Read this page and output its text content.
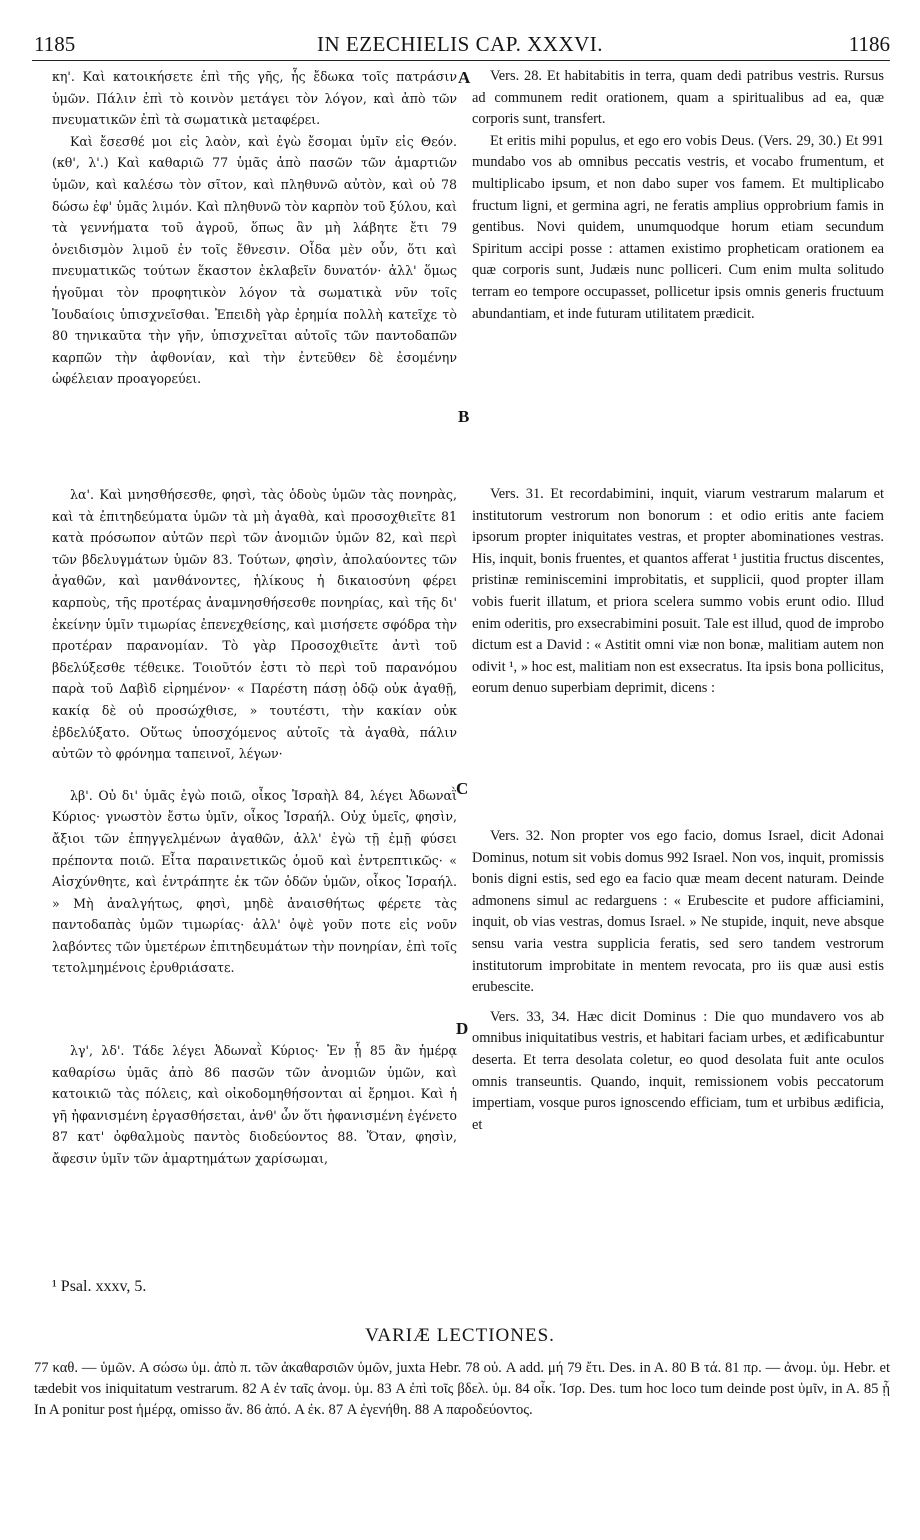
1185	IN EZECHIELIS CAP. XXXVI.	1186

κη'. Καὶ κατοικήσετε ἐπὶ τῆς γῆς, ἧς ἔδωκα τοῖς πατράσιν ὑμῶν. Πάλιν ἐπὶ τὸ κοινὸν μετάγει τὸν λόγον, καὶ ἀπὸ τῶν πνευματικῶν ἐπὶ τὰ σωματικὰ μεταφέρει.

Καὶ ἔσεσθέ μοι εἰς λαὸν, καὶ ἐγὼ ἔσομαι ὑμῖν εἰς Θεόν. (κθ', λ'.) Καὶ καθαριῶ 77 ὑμᾶς ἀπὸ πασῶν τῶν ἁμαρτιῶν ὑμῶν, καὶ καλέσω τὸν σῖτον, καὶ πληθυνῶ αὐτὸν, καὶ οὐ 78 δώσω ἐφ' ὑμᾶς λιμόν. Καὶ πληθυνῶ τὸν καρπὸν τοῦ ξύλου, καὶ τὰ γεννήματα τοῦ ἀγροῦ, ὅπως ἂν μὴ λάβητε ἔτι 79 ὀνειδισμὸν λιμοῦ ἐν τοῖς ἔθνεσιν. Οἶδα μὲν οὖν, ὅτι καὶ πνευματικῶς τούτων ἕκαστον ἐκλαβεῖν δυνατόν· ἀλλ' ὅμως ἡγοῦμαι τὸν προφητικὸν λόγον τὰ σωματικὰ νῦν τοῖς Ἰουδαίοις ὑπισχνεῖσθαι. Ἐπειδὴ γὰρ ἐρημία πολλὴ κατεῖχε τὸ 80 τηνικαῦτα τὴν γῆν, ὑπισχνεῖται αὐτοῖς τῶν παντοδαπῶν καρπῶν τὴν ἀφθονίαν, καὶ τὴν ἐντεῦθεν δὲ ἐσομένην ὠφέλειαν προαγορεύει.

λα'. Καὶ μνησθήσεσθε, φησὶ, τὰς ὁδοὺς ὑμῶν τὰς πονηρὰς, καὶ τὰ ἐπιτηδεύματα ὑμῶν τὰ μὴ ἀγαθὰ, καὶ προσοχθιεῖτε 81 κατὰ πρόσωπον αὐτῶν περὶ τῶν ἀνομιῶν ὑμῶν 82, καὶ περὶ τῶν βδελυγμάτων ὑμῶν 83. Τούτων, φησὶν, ἀπολαύοντες τῶν ἀγαθῶν, καὶ μανθάνοντες, ἡλίκους ἡ δικαιοσύνη φέρει καρποὺς, τῆς προτέρας ἀναμνησθήσεσθε πονηρίας, καὶ τῆς δι' ἐκείνην ὑμῖν τιμωρίας ἐπενεχθείσης, καὶ μισήσετε σφόδρα τὴν προτέραν παρανομίαν. Τὸ γὰρ Προσοχθιεῖτε ἀντὶ τοῦ βδελύξεσθε τέθεικε. Τοιοῦτόν ἐστι τὸ περὶ τοῦ παρανόμου παρὰ τοῦ Δαβὶδ εἰρημένον· « Παρέστη πάσῃ ὁδῷ οὐκ ἀγαθῇ, κακίᾳ δὲ οὐ προσώχθισε, » τουτέστι, τὴν κακίαν οὐκ ἐβδελύξατο. Οὕτως ὑποσχόμενος αὐτοῖς τὰ ἀγαθὰ, πάλιν αὐτῶν τὸ φρόνημα ταπεινοῖ, λέγων·

λβ'. Οὐ δι' ὑμᾶς ἐγὼ ποιῶ, οἶκος Ἰσραὴλ 84, λέγει Ἀδωναῒ Κύριος· γνωστὸν ἔστω ὑμῖν, οἶκος Ἰσραήλ. Οὐχ ὑμεῖς, φησὶν, ἄξιοι τῶν ἐπηγγελμένων ἀγαθῶν, ἀλλ' ἐγὼ τῇ ἐμῇ φύσει πρέποντα ποιῶ. Εἶτα παραινετικῶς ὁμοῦ καὶ ἐντρεπτικῶς· « Αἰσχύνθητε, καὶ ἐντράπητε ἐκ τῶν ὁδῶν ὑμῶν, οἶκος Ἰσραήλ. » Μὴ ἀναλγήτως, φησὶ, μηδὲ ἀναισθήτως φέρετε τὰς παντοδαπὰς ὑμῶν τιμωρίας· ἀλλ' ὀψὲ γοῦν ποτε εἰς νοῦν λαβόντες τῶν ὑμετέρων ἐπιτηδευμάτων τὴν πονηρίαν, ἐπὶ τοῖς τετολμημένοις ἐρυθριάσατε.

λγ', λδ'. Τάδε λέγει Ἀδωναῒ Κύριος· Ἐν ᾗ 85 ἂν ἡμέρᾳ καθαρίσω ὑμᾶς ἀπὸ 86 πασῶν τῶν ἀνομιῶν ὑμῶν, καὶ κατοικιῶ τὰς πόλεις, καὶ οἰκοδομηθήσονται αἱ ἔρημοι. Καὶ ἡ γῆ ἠφανισμένη ἐργασθήσεται, ἀνθ' ὧν ὅτι ἠφανισμένη ἐγένετο 87 κατ' ὀφθαλμοὺς παντὸς διοδεύοντος 88. Ὅταν, φησὶν, ἄφεσιν ὑμῖν τῶν ἁμαρτημάτων χαρίσωμαι,

Vers. 28. Et habitabitis in terra, quam dedi patribus vestris. Rursus ad communem redit orationem, quam a spiritualibus ad ea, quæ corporis sunt, transfert.

Et eritis mihi populus, et ego ero vobis Deus. (Vers. 29, 30.) Et 991 mundabo vos ab omnibus peccatis vestris, et vocabo frumentum, et multiplicabo ipsum, et non dabo super vos famem. Et multiplicabo fructum ligni, et germina agri, ne feratis amplius opprobrium famis in gentibus. Novi quidem, unumquodque horum etiam secundum Spiritum accipi posse : attamen existimo propheticam orationem ea quæ corporis sunt, Judæis nunc polliceri. Cum enim multa solitudo terram eo tempore occupasset, pollicetur ipsis omnis generis fructuum abundantiam, et inde futuram utilitatem prædicit.

Vers. 31. Et recordabimini, inquit, viarum vestrarum malarum et institutorum vestrorum non bonorum : et odio eritis ante faciem ipsorum propter iniquitates vestras, et propter abominationes vestras. His, inquit, bonis fruentes, et quantos afferat ¹ justitia fructus discentes, pristinæ reminiscemini improbitatis, et supplicii, quod propter illam vobis fuerit illatum, et priora scelera summo vobis erunt odio. Illud enim oderitis, pro exsecrabimini posuit. Tale est illud, quod de improbo dictum est a David : « Astitit omni viæ non bonæ, malitiam autem non odivit ¹, » hoc est, malitiam non est exsecratus. Ita ipsis bona pollicitus, eorum denuo superbiam deprimit, dicens :

Vers. 32. Non propter vos ego facio, domus Israel, dicit Adonai Dominus, notum sit vobis domus 992 Israel. Non vos, inquit, promissis bonis digni estis, sed ego ea facio quæ meam decent naturam. Deinde admonens simul ac redarguens : « Erubescite et pudore afficiamini, inquit, ob vias vestras, domus Israel. » Ne stupide, inquit, neve absque sensu varia vestra supplicia feratis, sed sero tandem vestrorum institutorum improbitate in mentem revocata, pro iis quæ ausi estis erubescite.

Vers. 33, 34. Hæc dicit Dominus : Die quo mundavero vos ab omnibus iniquitatibus vestris, et habitari faciam urbes, et ædificabuntur deserta. Et terra desolata coletur, eo quod desolata fuit ante oculos omnis transeuntis. Quando, inquit, remissionem vobis peccatorum impertiam, vosque puros ignoscendo efficiam, tum et urbibus ædificia, et

A
B
C
D
¹ Psal. xxxv, 5.
VARIÆ LECTIONES.
77 καθ. — ὑμῶν. A σώσω ὑμ. ἀπὸ π. τῶν ἀκαθαρσιῶν ὑμῶν, juxta Hebr. 78 οὐ. A add. μή 79 ἔτι. Des. in A. 80 B τά. 81 πρ. — ἀνομ. ὑμ. Hebr. et tædebit vos iniquitatum vestrarum. 82 A ἐν ταῖς ἀνομ. ὑμ. 83 A ἐπὶ τοῖς βδελ. ὑμ. 84 οἶκ. Ἰσρ. Des. tum hoc loco tum deinde post ὑμῖν, in A. 85 ᾗ In A ponitur post ἡμέρᾳ, omisso ἄν. 86 ἀπό. A ἐκ. 87 A ἐγενήθη. 88 A παροδεύοντος.
